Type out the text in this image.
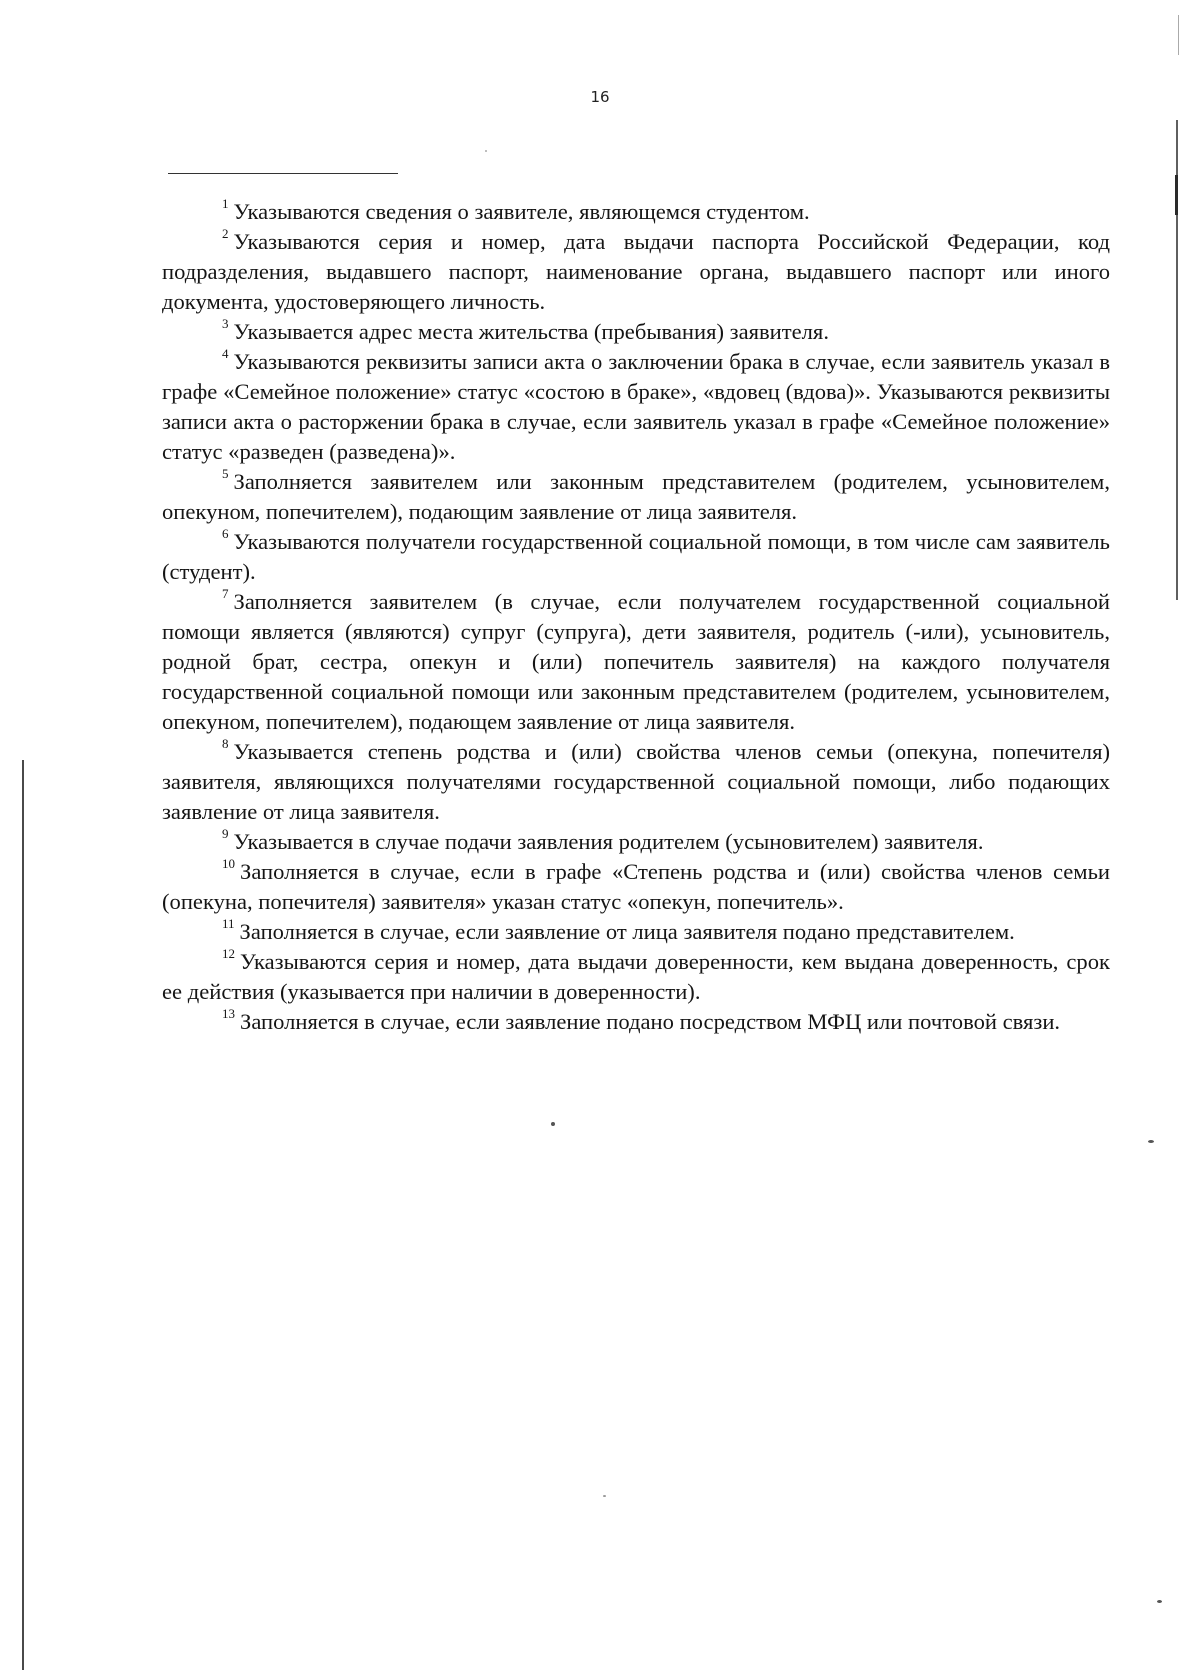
16

$^1$ Указываются сведения о заявителе, являющемся студентом.

$^2$ Указываются серия и номер, дата выдачи паспорта Российской Федерации, код подразделения, выдавшего паспорт, наименование органа, выдавшего паспорт или иного документа, удостоверяющего личность.

$^3$ Указывается адрес места жительства (пребывания) заявителя.

$^4$ Указываются реквизиты записи акта о заключении брака в случае, если заявитель указал в графе «Семейное положение» статус «состою в браке», «вдовец (вдова)». Указываются реквизиты записи акта о расторжении брака в случае, если заявитель указал в графе «Семейное положение» статус «разведен (разведена)».

$^5$ Заполняется заявителем или законным представителем (родителем, усыновителем, опекуном, попечителем), подающим заявление от лица заявителя.

$^6$ Указываются получатели государственной социальной помощи, в том числе сам заявитель (студент).

$^7$ Заполняется заявителем (в случае, если получателем государственной социальной помощи является (являются) супруг (супруга), дети заявителя, родитель (-или), усыновитель, родной брат, сестра, опекун и (или) попечитель заявителя) на каждого получателя государственной социальной помощи или законным представителем (родителем, усыновителем, опекуном, попечителем), подающем заявление от лица заявителя.

$^8$ Указывается степень родства и (или) свойства членов семьи (опекуна, попечителя) заявителя, являющихся получателями государственной социальной помощи, либо подающих заявление от лица заявителя.

$^9$ Указывается в случае подачи заявления родителем (усыновителем) заявителя.

$^{10}$ Заполняется в случае, если в графе «Степень родства и (или) свойства членов семьи (опекуна, попечителя) заявителя» указан статус «опекун, попечитель».

$^{11}$ Заполняется в случае, если заявление от лица заявителя подано представителем.

$^{12}$ Указываются серия и номер, дата выдачи доверенности, кем выдана доверенность, срок ее действия (указывается при наличии в доверенности).

$^{13}$ Заполняется в случае, если заявление подано посредством МФЦ или почтовой связи.
